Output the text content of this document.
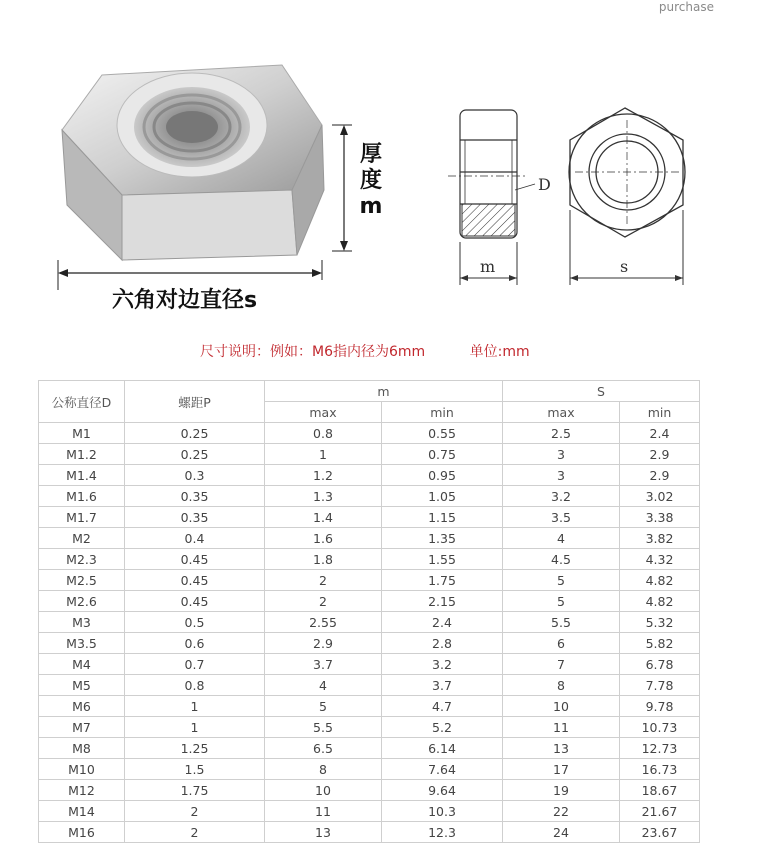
purchase
厚
度
m
六角对边直径s
D
m	s
尺寸说明：例如：M6指内径为6mm	单位:mm
公称直径D	螺距P	m		S	
		max	min	max	min
M1	0.25	0.8	0.55	2.5	2.4
M1.2	0.25	1	0.75	3	2.9
M1.4	0.3	1.2	0.95	3	2.9
M1.6	0.35	1.3	1.05	3.2	3.02
M1.7	0.35	1.4	1.15	3.5	3.38
M2	0.4	1.6	1.35	4	3.82
M2.3	0.45	1.8	1.55	4.5	4.32
M2.5	0.45	2	1.75	5	4.82
M2.6	0.45	2	2.15	5	4.82
M3	0.5	2.55	2.4	5.5	5.32
M3.5	0.6	2.9	2.8	6	5.82
M4	0.7	3.7	3.2	7	6.78
M5	0.8	4	3.7	8	7.78
M6	1	5	4.7	10	9.78
M7	1	5.5	5.2	11	10.73
M8	1.25	6.5	6.14	13	12.73
M10	1.5	8	7.64	17	16.73
M12	1.75	10	9.64	19	18.67
M14	2	11	10.3	22	21.67
M16	2	13	12.3	24	23.67
